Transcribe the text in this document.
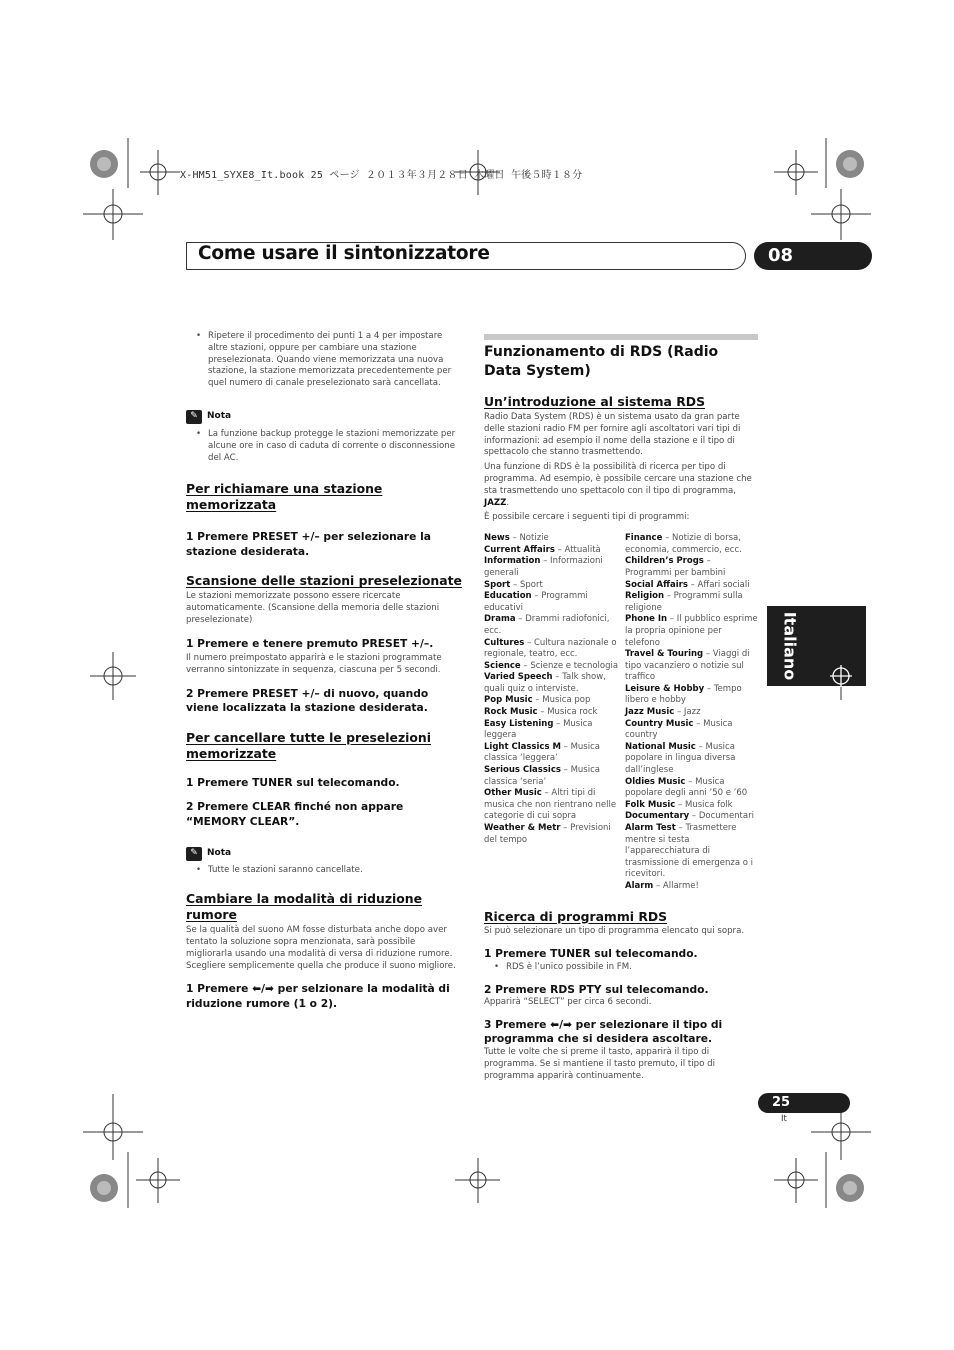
X-HM51_SYXE8_It.book 25 ページ ２０１３年３月２８日 木曜日 午後５時１８分
Come usare il sintonizzatore	08
Italiano

• Ripetere il procedimento dei punti 1 a 4 per impostare altre stazioni, oppure per cambiare una stazione preselezionata. Quando viene memorizzata una nuova stazione, la stazione memorizzata precedentemente per quel numero di canale preselezionato sarà cancellata.

✎	Nota

• La funzione backup protegge le stazioni memorizzate per alcune ore in caso di caduta di corrente o disconnessione del AC.

Per richiamare una stazione memorizzata
1 Premere PRESET +/– per selezionare la stazione desiderata.
Scansione delle stazioni preselezionate

Le stazioni memorizzate possono essere ricercate automaticamente. (Scansione della memoria delle stazioni preselezionate)

1 Premere e tenere premuto PRESET +/–.

Il numero preimpostato apparirà e le stazioni programmate verranno sintonizzate in sequenza, ciascuna per 5 secondi.

2 Premere PRESET +/– di nuovo, quando viene localizzata la stazione desiderata.
Per cancellare tutte le preselezioni memorizzate
1 Premere TUNER sul telecomando.
2 Premere CLEAR finché non appare “MEMORY CLEAR”.
✎	Nota

• Tutte le stazioni saranno cancellate.

Cambiare la modalità di riduzione rumore

Se la qualità del suono AM fosse disturbata anche dopo aver tentato la soluzione sopra menzionata, sarà possibile migliorarla usando una modalità di versa di riduzione rumore. Scegliere semplicemente quella che produce il suono migliore.

1 Premere ⬅/➡ per selzionare la modalità di riduzione rumore (1 o 2).
Funzionamento di RDS (Radio Data System)
Un’introduzione al sistema RDS

Radio Data System (RDS) è un sistema usato da gran parte delle stazioni radio FM per fornire agli ascoltatori vari tipi di informazioni: ad esempio il nome della stazione e il tipo di spettacolo che stanno trasmettendo.

Una funzione di RDS è la possibilità di ricerca per tipo di programma. Ad esempio, è possibile cercare una stazione che sta trasmettendo uno spettacolo con il tipo di programma, JAZZ.

È possibile cercare i seguenti tipi di programmi:

News – Notizie

Current Affairs – Attualità

Information – Informazioni generali

Sport – Sport

Education – Programmi educativi

Drama – Drammi radiofonici, ecc.

Cultures – Cultura nazionale o regionale, teatro, ecc.

Science – Scienze e tecnologia

Varied Speech – Talk show, quali quiz o interviste.

Pop Music – Musica pop

Rock Music – Musica rock

Easy Listening – Musica leggera

Light Classics M – Musica classica ‘leggera’

Serious Classics – Musica classica ‘seria’

Other Music – Altri tipi di musica che non rientrano nelle categorie di cui sopra

Weather & Metr – Previsioni del tempo

Finance – Notizie di borsa, economia, commercio, ecc.

Children’s Progs – Programmi per bambini

Social Affairs – Affari sociali

Religion – Programmi sulla religione

Phone In – Il pubblico esprime la propria opinione per telefono

Travel & Touring – Viaggi di tipo vacanziero o notizie sul traffico

Leisure & Hobby – Tempo libero e hobby

Jazz Music – Jazz

Country Music – Musica country

National Music – Musica popolare in lingua diversa dall’inglese

Oldies Music – Musica popolare degli anni ’50 e ’60

Folk Music – Musica folk

Documentary – Documentari

Alarm Test – Trasmettere mentre si testa l’apparecchiatura di trasmissione di emergenza o i ricevitori.

Alarm – Allarme!

Ricerca di programmi RDS

Si può selezionare un tipo di programma elencato qui sopra.

1 Premere TUNER sul telecomando.

• RDS è l’unico possibile in FM.

2 Premere RDS PTY sul telecomando.

Apparirà “SELECT” per circa 6 secondi.

3 Premere ⬅/➡ per selezionare il tipo di programma che si desidera ascoltare.

Tutte le volte che si preme il tasto, apparirà il tipo di programma. Se si mantiene il tasto premuto, il tipo di programma apparirà continuamente.

25
It
